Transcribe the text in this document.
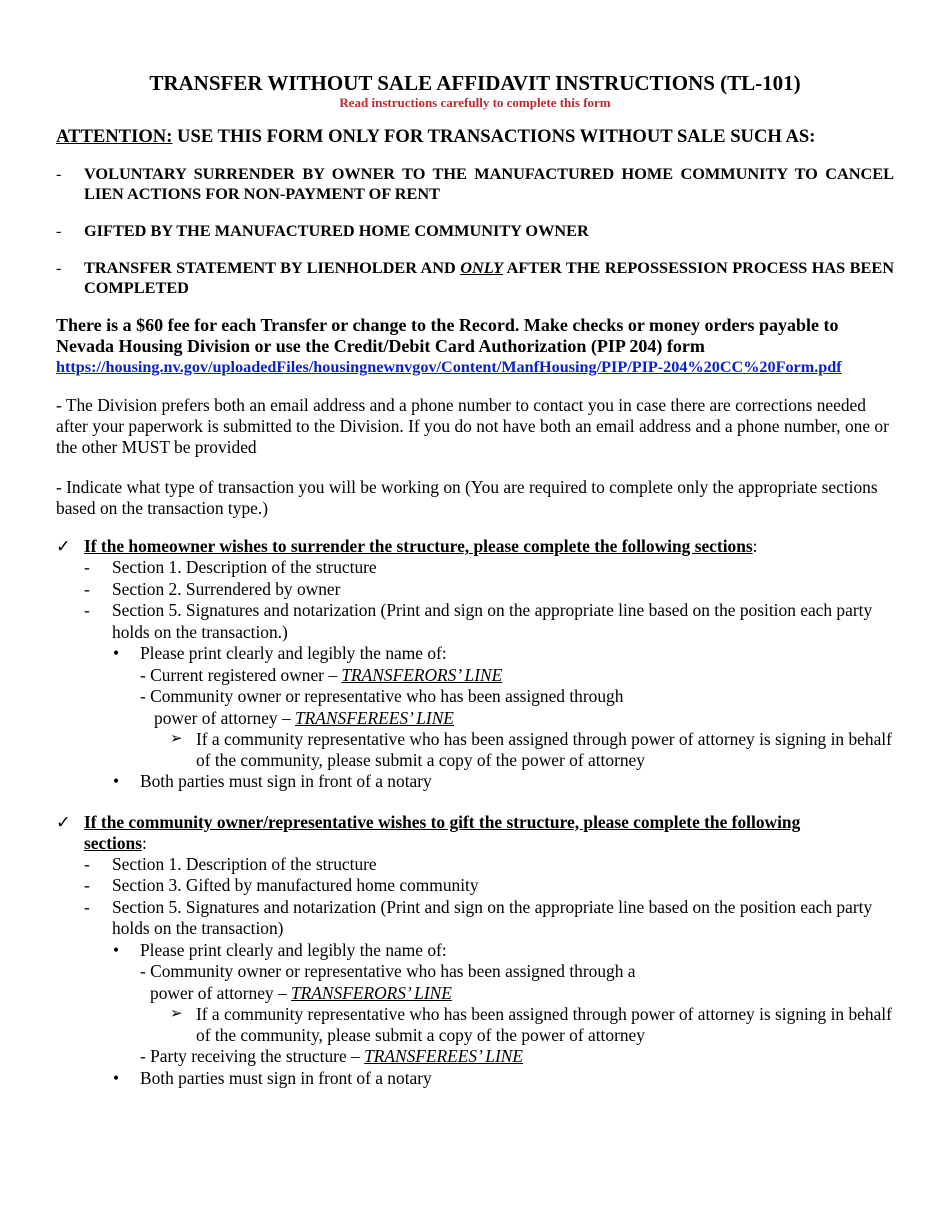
TRANSFER WITHOUT SALE AFFIDAVIT INSTRUCTIONS (TL-101)

Read instructions carefully to complete this form

ATTENTION: USE THIS FORM ONLY FOR TRANSACTIONS WITHOUT SALE SUCH AS:
- VOLUNTARY SURRENDER BY OWNER TO THE MANUFACTURED HOME COMMUNITY TO CANCEL LIEN ACTIONS FOR NON-PAYMENT OF RENT
- GIFTED BY THE MANUFACTURED HOME COMMUNITY OWNER
- TRANSFER STATEMENT BY LIENHOLDER AND ONLY AFTER THE REPOSSESSION PROCESS HAS BEEN COMPLETED
There is a $60 fee for each Transfer or change to the Record. Make checks or money orders payable to Nevada Housing Division or use the Credit/Debit Card Authorization (PIP 204) form
https://housing.nv.gov/uploadedFiles/housingnewnvgov/Content/ManfHousing/PIP/PIP-204%20CC%20Form.pdf
- The Division prefers both an email address and a phone number to contact you in case there are corrections needed after your paperwork is submitted to the Division. If you do not have both an email address and a phone number, one or the other MUST be provided
- Indicate what type of transaction you will be working on (You are required to complete only the appropriate sections based on the transaction type.)
✓ If the homeowner wishes to surrender the structure, please complete the following sections:
- Section 1. Description of the structure
- Section 2. Surrendered by owner
- Section 5. Signatures and notarization (Print and sign on the appropriate line based on the position each party holds on the transaction.)
• Please print clearly and legibly the name of:
- Current registered owner – TRANSFERORS’ LINE
- Community owner or representative who has been assigned through
power of attorney – TRANSFEREES’ LINE
➢ If a community representative who has been assigned through power of attorney is signing in behalf of the community, please submit a copy of the power of attorney
• Both parties must sign in front of a notary
✓ If the community owner/representative wishes to gift the structure, please complete the following
sections:
- Section 1. Description of the structure
- Section 3. Gifted by manufactured home community
- Section 5. Signatures and notarization (Print and sign on the appropriate line based on the position each party holds on the transaction)
• Please print clearly and legibly the name of:
- Community owner or representative who has been assigned through a
power of attorney – TRANSFERORS’ LINE
➢ If a community representative who has been assigned through power of attorney is signing in behalf of the community, please submit a copy of the power of attorney
- Party receiving the structure – TRANSFEREES’ LINE
• Both parties must sign in front of a notary
